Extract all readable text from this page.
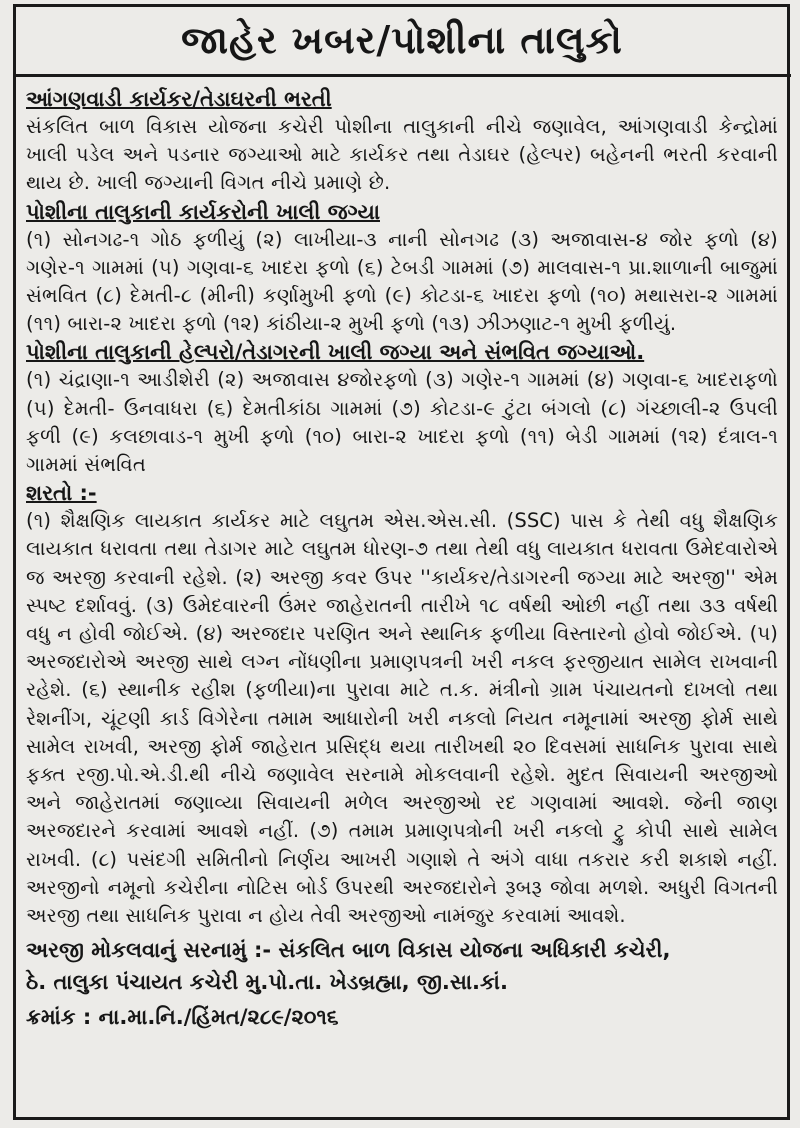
જાહેર ખબર/પોશીના તાલુકો

આંગણવાડી કાર્યકર/તેડાઘરની ભરતી

સંકલિત બાળ વિકાસ યોજના કચેરી પોશીના તાલુકાની નીચે જણાવેલ, આંગણવાડી કેન્દ્રોમાં ખાલી પડેલ અને પડનાર જગ્યાઓ માટે કાર્યકર તથા તેડાઘર (હેલ્પર) બહેનની ભરતી કરવાની થાય છે. ખાલી જગ્યાની વિગત નીચે પ્રમાણે છે.

પોશીના તાલુકાની કાર્યકરોની ખાલી જગ્યા

(૧) સોનગઢ-૧ ગોઠ ફળીયું (૨) લાખીયા-૩ નાની સોનગઢ (૩) અજાવાસ-૪ જોર ફળો (૪) ગણેર-૧ ગામમાં (૫) ગણવા-૬ ખાદરા ફળો (૬) ટેબડી ગામમાં (૭) માલવાસ-૧ પ્રા.શાળાની બાજુમાં સંભવિત (૮) દેમતી-૮ (મીની) કર્ણામુખી ફળો (૯) કોટડા-૬ ખાદરા ફળો (૧૦) મથાસરા-૨ ગામમાં (૧૧) બારા-૨ ખાદરા ફળો (૧૨) કાંઠીયા-૨ મુખી ફળો (૧૩) ઝીઝણાટ-૧ મુખી ફળીયું.

પોશીના તાલુકાની હેલ્પરો/તેડાગરની ખાલી જગ્યા અને સંભવિત જગ્યાઓ.

(૧) ચંદ્રાણા-૧ આડીશેરી (૨) અજાવાસ ૪જોરફળો (૩) ગણેર-૧ ગામમાં (૪) ગણવા-૬ ખાદરાફળો (૫) દેમતી- ઉનવાધરા (૬) દેમતીકાંઠા ગામમાં (૭) કોટડા-૯ ટુંટા બંગલો (૮) ગંચ્છાલી-૨ ઉપલી ફળી (૯) કલછાવાડ-૧ મુખી ફળો (૧૦) બારા-૨ ખાદરા ફળો (૧૧) બેડી ગામમાં (૧૨) દંત્રાલ-૧ ગામમાં સંભવિત

શરતો :-

(૧) શૈક્ષણિક લાયકાત કાર્યકર માટે લઘુતમ એસ.એસ.સી. (SSC) પાસ કે તેથી વધુ શૈક્ષણિક લાયકાત ધરાવતા તથા તેડાગર માટે લઘુતમ ધોરણ-૭ તથા તેથી વધુ લાયકાત ધરાવતા ઉમેદવારોએ જ અરજી કરવાની રહેશે. (૨) અરજી કવર ઉપર ''કાર્યકર/તેડાગરની જગ્યા માટે અરજી'' એમ સ્પષ્ટ દર્શાવવું. (૩) ઉમેદવારની ઉંમર જાહેરાતની તારીખે ૧૮ વર્ષથી ઓછી નહીં તથા ૩૩ વર્ષથી વધુ ન હોવી જોઈએ. (૪) અરજદાર પરણિત અને સ્થાનિક ફળીયા વિસ્તારનો હોવો જોઈએ. (૫) અરજદારોએ અરજી સાથે લગ્ન નોંધણીના પ્રમાણપત્રની ખરી નકલ ફરજીયાત સામેલ રાખવાની રહેશે. (૬) સ્થાનીક રહીશ (ફળીયા)ના પુરાવા માટે ત.ક. મંત્રીનો ગ્રામ પંચાયતનો દાખલો તથા રેશનીંગ, ચૂંટણી કાર્ડ વિગેરેના તમામ આધારોની ખરી નકલો નિયત નમૂનામાં અરજી ફોર્મ સાથે સામેલ રાખવી, અરજી ફોર્મ જાહેરાત પ્રસિદ્ધ થયા તારીખથી ૨૦ દિવસમાં સાધનિક પુરાવા સાથે ફક્ત રજી.પો.એ.ડી.થી નીચે જણાવેલ સરનામે મોકલવાની રહેશે. મુદત સિવાયની અરજીઓ અને જાહેરાતમાં જણાવ્યા સિવાયની મળેલ અરજીઓ રદ ગણવામાં આવશે. જેની જાણ અરજદારને કરવામાં આવશે નહીં. (૭) તમામ પ્રમાણપત્રોની ખરી નકલો ટ્રુ કોપી સાથે સામેલ રાખવી. (૮) પસંદગી સમિતીનો નિર્ણય આખરી ગણાશે તે અંગે વાધા તકરાર કરી શકાશે નહીં. અરજીનો નમૂનો કચેરીના નોટિસ બોર્ડ ઉપરથી અરજદારોને રૂબરૂ જોવા મળશે. અધુરી વિગતની અરજી તથા સાધનિક પુરાવા ન હોય તેવી અરજીઓ નામંજુર કરવામાં આવશે.

અરજી મોકલવાનું સરનામું :- સંકલિત બાળ વિકાસ યોજના અધિકારી કચેરી,
ઠે. તાલુકા પંચાયત કચેરી મુ.પો.તા. ખેડબ્રહ્મા, જી.સા.કાં.
ક્રમાંક : ના.મા.નિ./હિંમત/૨૮૯/૨૦૧૬
